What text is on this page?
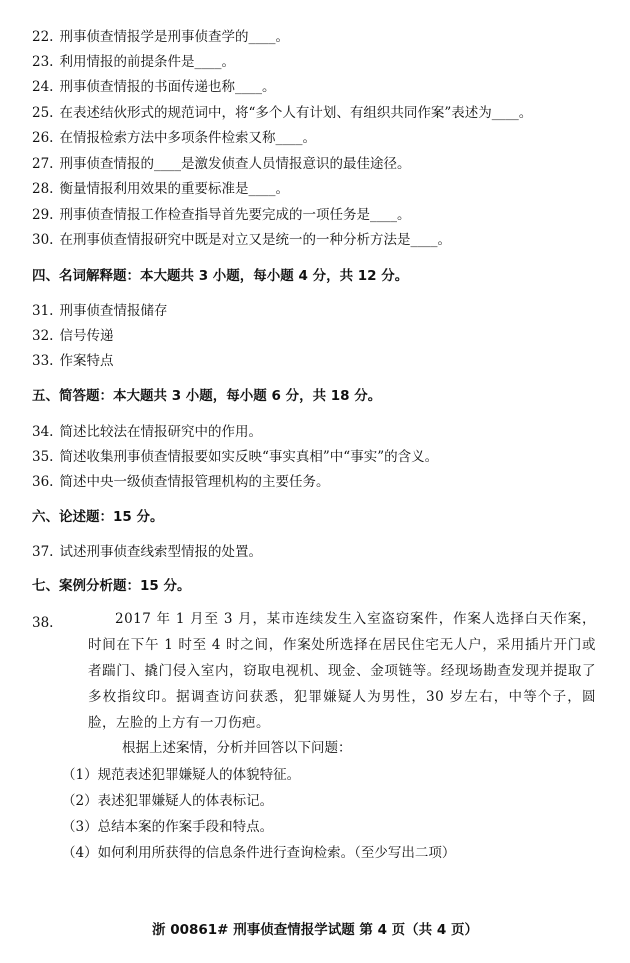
22. 刑事侦查情报学是刑事侦查学的____。
23. 利用情报的前提条件是____。
24. 刑事侦查情报的书面传递也称____。
25. 在表述结伙形式的规范词中，将“多个人有计划、有组织共同作案”表述为____。
26. 在情报检索方法中多项条件检索又称____。
27. 刑事侦查情报的____是激发侦查人员情报意识的最佳途径。
28. 衡量情报利用效果的重要标准是____。
29. 刑事侦查情报工作检查指导首先要完成的一项任务是____。
30. 在刑事侦查情报研究中既是对立又是统一的一种分析方法是____。
四、名词解释题：本大题共 3 小题，每小题 4 分，共 12 分。
31. 刑事侦查情报储存
32. 信号传递
33. 作案特点
五、简答题：本大题共 3 小题，每小题 6 分，共 18 分。
34. 简述比较法在情报研究中的作用。
35. 简述收集刑事侦查情报要如实反映“事实真相”中“事实”的含义。
36. 简述中央一级侦查情报管理机构的主要任务。
六、论述题：15 分。
37. 试述刑事侦查线索型情报的处置。
七、案例分析题：15 分。
38.	2017 年 1 月至 3 月，某市连续发生入室盗窃案件，作案人选择白天作案，时间在下午 1 时至 4 时之间，作案处所选择在居民住宅无人户，采用插片开门或者踹门、撬门侵入室内，窃取电视机、现金、金项链等。经现场勘查发现并提取了多枚指纹印。据调查访问获悉，犯罪嫌疑人为男性，30 岁左右，中等个子，圆脸，左脸的上方有一刀伤疤。
根据上述案情，分析并回答以下问题：
（1）规范表述犯罪嫌疑人的体貌特征。
（2）表述犯罪嫌疑人的体表标记。
（3）总结本案的作案手段和特点。
（4）如何利用所获得的信息条件进行查询检索。（至少写出二项）
浙 00861# 刑事侦查情报学试题 第 4 页（共 4 页）
